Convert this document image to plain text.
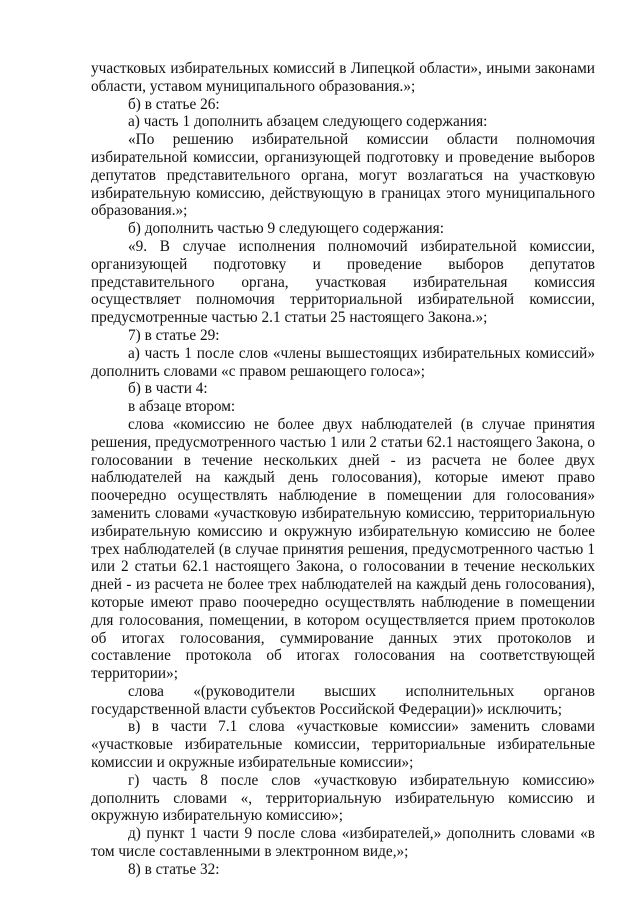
участковых избирательных комиссий в Липецкой области», иными законами области, уставом муниципального образования.»;

б) в статье 26:

а) часть 1 дополнить абзацем следующего содержания:

«По решению избирательной комиссии области полномочия избирательной комиссии, организующей подготовку и проведение выборов депутатов представительного органа, могут возлагаться на участковую избирательную комиссию, действующую в границах этого муниципального образования.»;

б) дополнить частью 9 следующего содержания:

«9. В случае исполнения полномочий избирательной комиссии, организующей подготовку и проведение выборов депутатов представительного органа, участковая избирательная комиссия осуществляет полномочия территориальной избирательной комиссии, предусмотренные частью 2.1 статьи 25 настоящего Закона.»;

7) в статье 29:

а) часть 1 после слов «члены вышестоящих избирательных комиссий» дополнить словами «с правом решающего голоса»;

б) в части 4:

в абзаце втором:

слова «комиссию не более двух наблюдателей (в случае принятия решения, предусмотренного частью 1 или 2 статьи 62.1 настоящего Закона, о голосовании в течение нескольких дней - из расчета не более двух наблюдателей на каждый день голосования), которые имеют право поочередно осуществлять наблюдение в помещении для голосования» заменить словами «участковую избирательную комиссию, территориальную избирательную комиссию и окружную избирательную комиссию не более трех наблюдателей (в случае принятия решения, предусмотренного частью 1 или 2 статьи 62.1 настоящего Закона, о голосовании в течение нескольких дней - из расчета не более трех наблюдателей на каждый день голосования), которые имеют право поочередно осуществлять наблюдение в помещении для голосования, помещении, в котором осуществляется прием протоколов об итогах голосования, суммирование данных этих протоколов и составление протокола об итогах голосования на соответствующей территории»;

слова «(руководители высших исполнительных органов государственной власти субъектов Российской Федерации)» исключить;

в) в части 7.1 слова «участковые комиссии» заменить словами «участковые избирательные комиссии, территориальные избирательные комиссии и окружные избирательные комиссии»;

г) часть 8 после слов «участковую избирательную комиссию» дополнить словами «, территориальную избирательную комиссию и окружную избирательную комиссию»;

д) пункт 1 части 9 после слова «избирателей,» дополнить словами «в том числе составленными в электронном виде,»;

8) в статье 32:
